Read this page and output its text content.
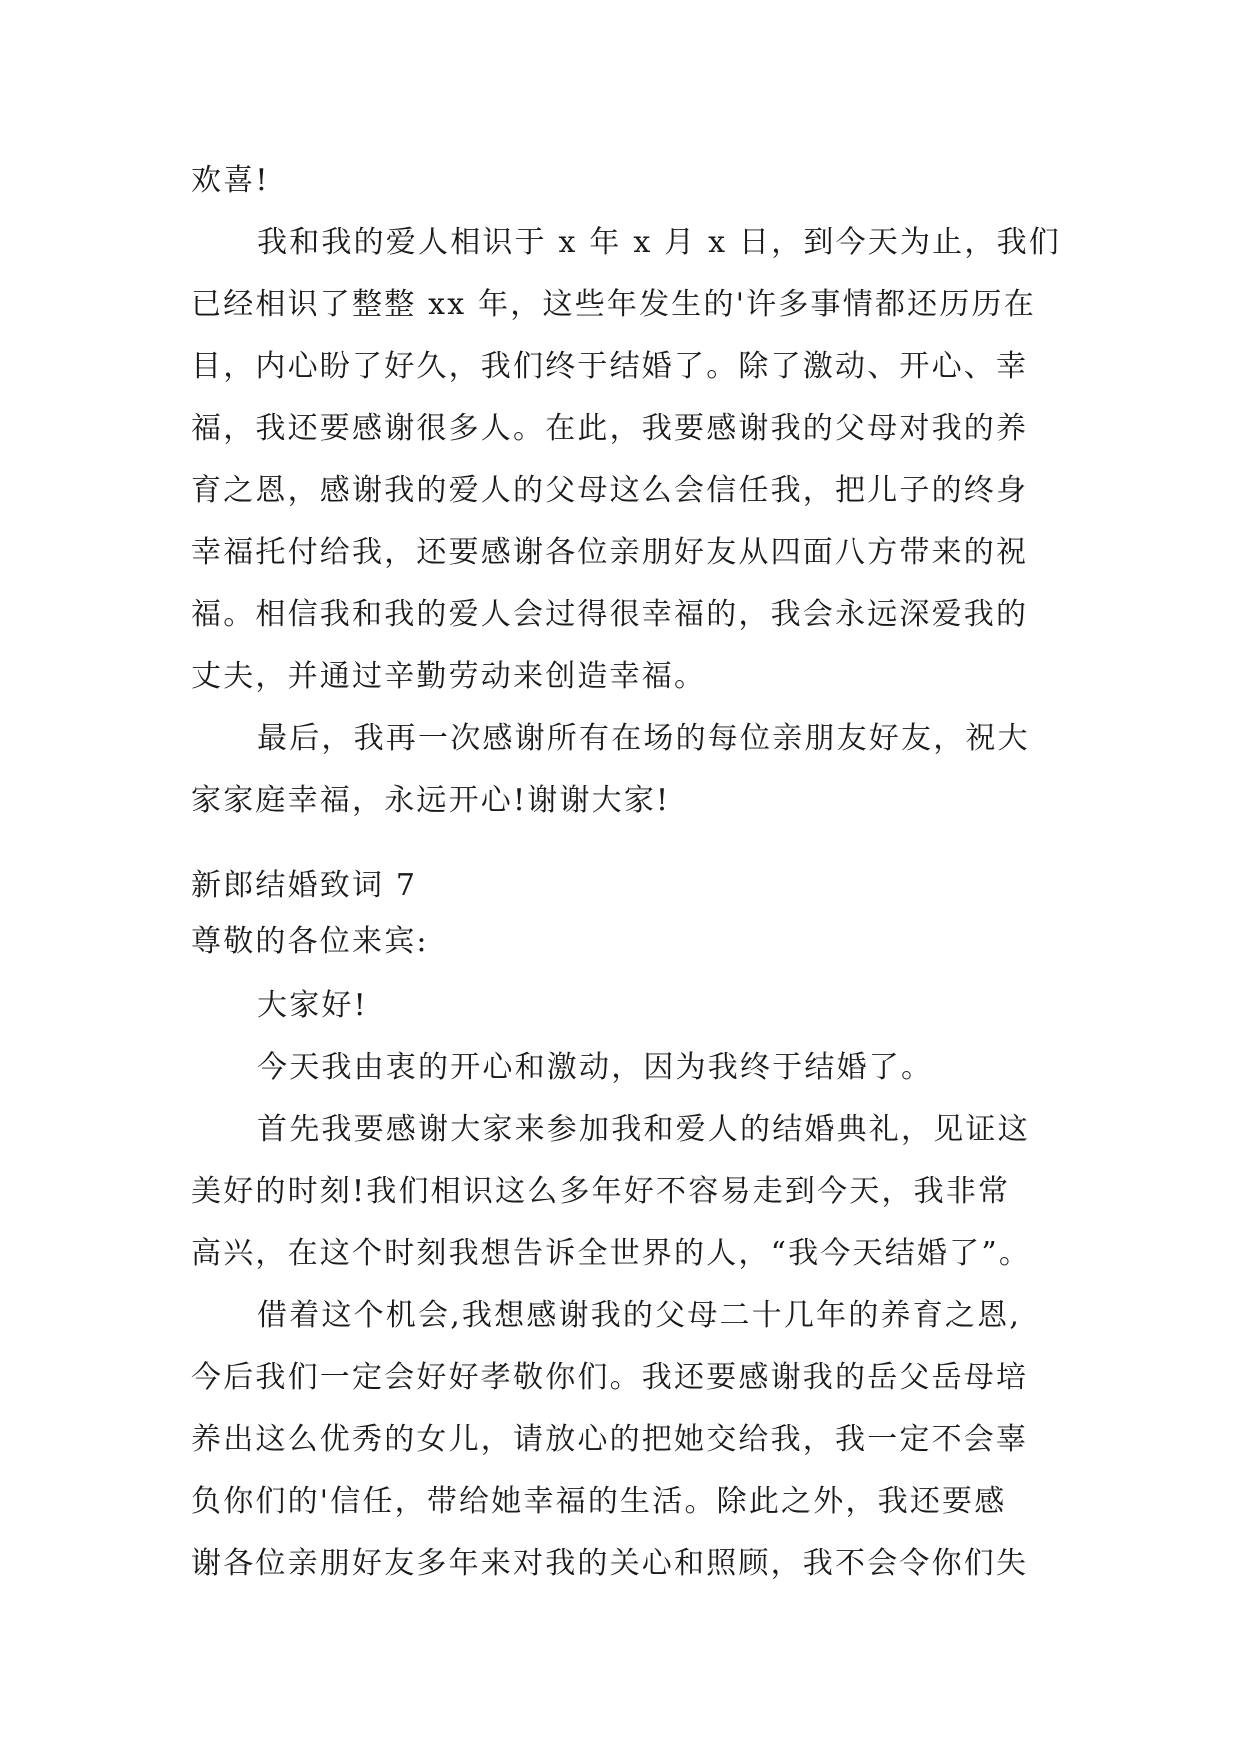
欢喜!
我和我的爱人相识于 x 年 x 月 x 日，到今天为止，我们
已经相识了整整 xx 年，这些年发生的'许多事情都还历历在
目，内心盼了好久，我们终于结婚了。除了激动、开心、幸
福，我还要感谢很多人。在此，我要感谢我的父母对我的养
育之恩，感谢我的爱人的父母这么会信任我，把儿子的终身
幸福托付给我，还要感谢各位亲朋好友从四面八方带来的祝
福。相信我和我的爱人会过得很幸福的，我会永远深爱我的
丈夫，并通过辛勤劳动来创造幸福。
最后，我再一次感谢所有在场的每位亲朋友好友，祝大
家家庭幸福，永远开心!谢谢大家!
新郎结婚致词 7
尊敬的各位来宾:
大家好!
今天我由衷的开心和激动，因为我终于结婚了。
首先我要感谢大家来参加我和爱人的结婚典礼，见证这
美好的时刻!我们相识这么多年好不容易走到今天，我非常
高兴，在这个时刻我想告诉全世界的人，“我今天结婚了”。
借着这个机会,我想感谢我的父母二十几年的养育之恩,
今后我们一定会好好孝敬你们。我还要感谢我的岳父岳母培
养出这么优秀的女儿，请放心的把她交给我，我一定不会辜
负你们的'信任，带给她幸福的生活。除此之外，我还要感
谢各位亲朋好友多年来对我的关心和照顾，我不会令你们失
